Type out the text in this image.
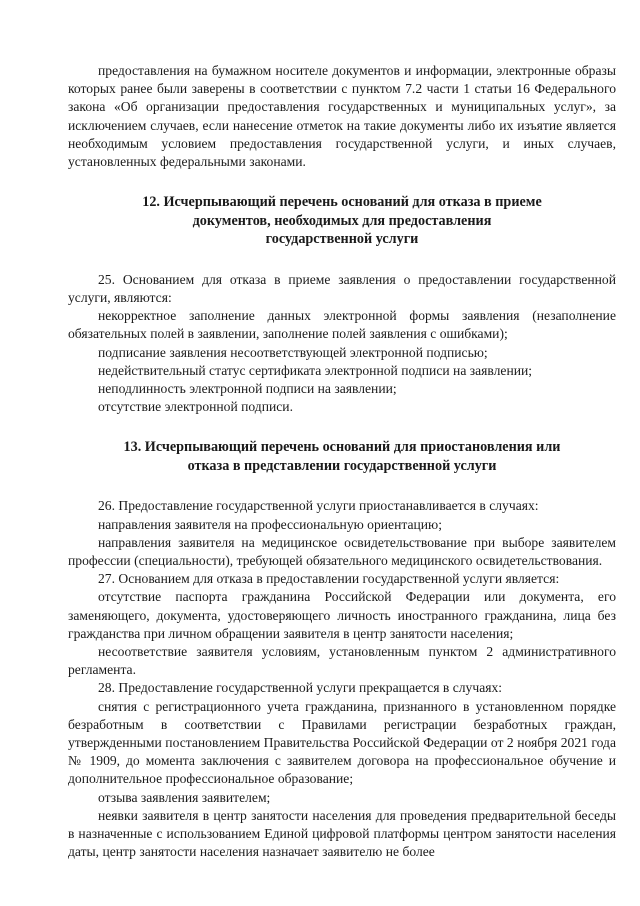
предоставления на бумажном носителе документов и информации, электронные образы которых ранее были заверены в соответствии с пунктом 7.2 части 1 статьи 16 Федерального закона «Об организации предоставления государственных и муниципальных услуг», за исключением случаев, если нанесение отметок на такие документы либо их изъятие является необходимым условием предоставления государственной услуги, и иных случаев, установленных федеральными законами.

12. Исчерпывающий перечень оснований для отказа в приеме
документов, необходимых для предоставления
государственной услуги

25. Основанием для отказа в приеме заявления о предоставлении государственной услуги, являются:

некорректное заполнение данных электронной формы заявления (незаполнение обязательных полей в заявлении, заполнение полей заявления с ошибками);

подписание заявления несоответствующей электронной подписью;

недействительный статус сертификата электронной подписи на заявлении;

неподлинность электронной подписи на заявлении;

отсутствие электронной подписи.

13. Исчерпывающий перечень оснований для приостановления или
отказа в представлении государственной услуги

26. Предоставление государственной услуги приостанавливается в случаях:

направления заявителя на профессиональную ориентацию;

направления заявителя на медицинское освидетельствование при выборе заявителем профессии (специальности), требующей обязательного медицинского освидетельствования.

27. Основанием для отказа в предоставлении государственной услуги является:

отсутствие паспорта гражданина Российской Федерации или документа, его заменяющего, документа, удостоверяющего личность иностранного гражданина, лица без гражданства при личном обращении заявителя в центр занятости населения;

несоответствие заявителя условиям, установленным пунктом 2 административного регламента.

28. Предоставление государственной услуги прекращается в случаях:

снятия с регистрационного учета гражданина, признанного в установленном порядке безработным в соответствии с Правилами регистрации безработных граждан, утвержденными постановлением Правительства Российской Федерации от 2 ноября 2021 года № 1909, до момента заключения с заявителем договора на профессиональное обучение и дополнительное профессиональное образование;

отзыва заявления заявителем;

неявки заявителя в центр занятости населения для проведения предварительной беседы в назначенные с использованием Единой цифровой платформы центром занятости населения даты, центр занятости населения назначает заявителю не более
